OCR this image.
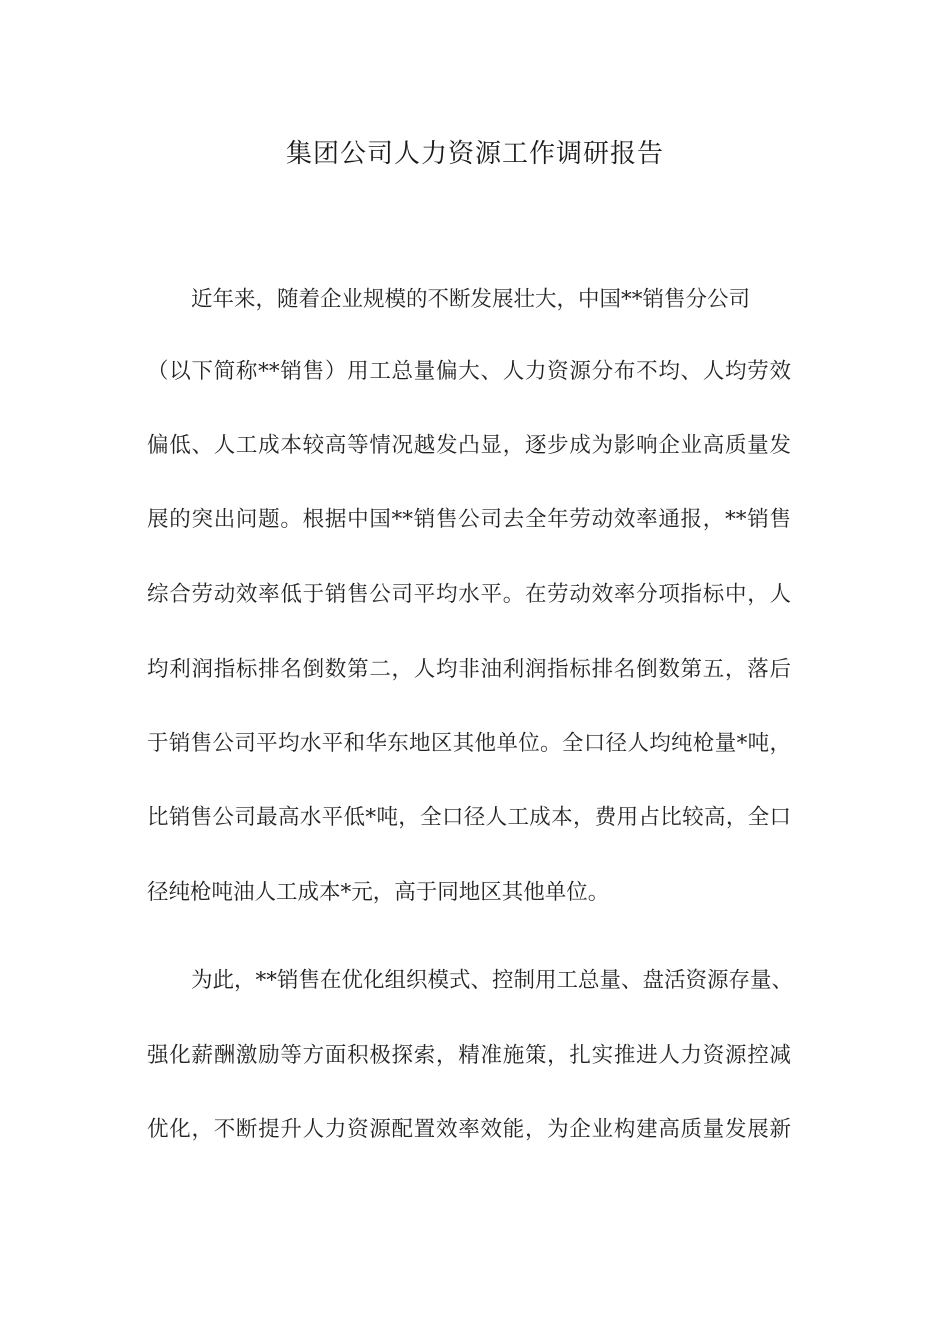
集团公司人力资源工作调研报告
近年来，随着企业规模的不断发展壮大，中国**销售分公司
（以下简称**销售）用工总量偏大、人力资源分布不均、人均劳效
偏低、人工成本较高等情况越发凸显，逐步成为影响企业高质量发
展的突出问题。根据中国**销售公司去全年劳动效率通报，**销售
综合劳动效率低于销售公司平均水平。在劳动效率分项指标中，人
均利润指标排名倒数第二，人均非油利润指标排名倒数第五，落后
于销售公司平均水平和华东地区其他单位。全口径人均纯枪量*吨，
比销售公司最高水平低*吨，全口径人工成本，费用占比较高，全口
径纯枪吨油人工成本*元，高于同地区其他单位。
为此，**销售在优化组织模式、控制用工总量、盘活资源存量、
强化薪酬激励等方面积极探索，精准施策，扎实推进人力资源控减
优化，不断提升人力资源配置效率效能，为企业构建高质量发展新
